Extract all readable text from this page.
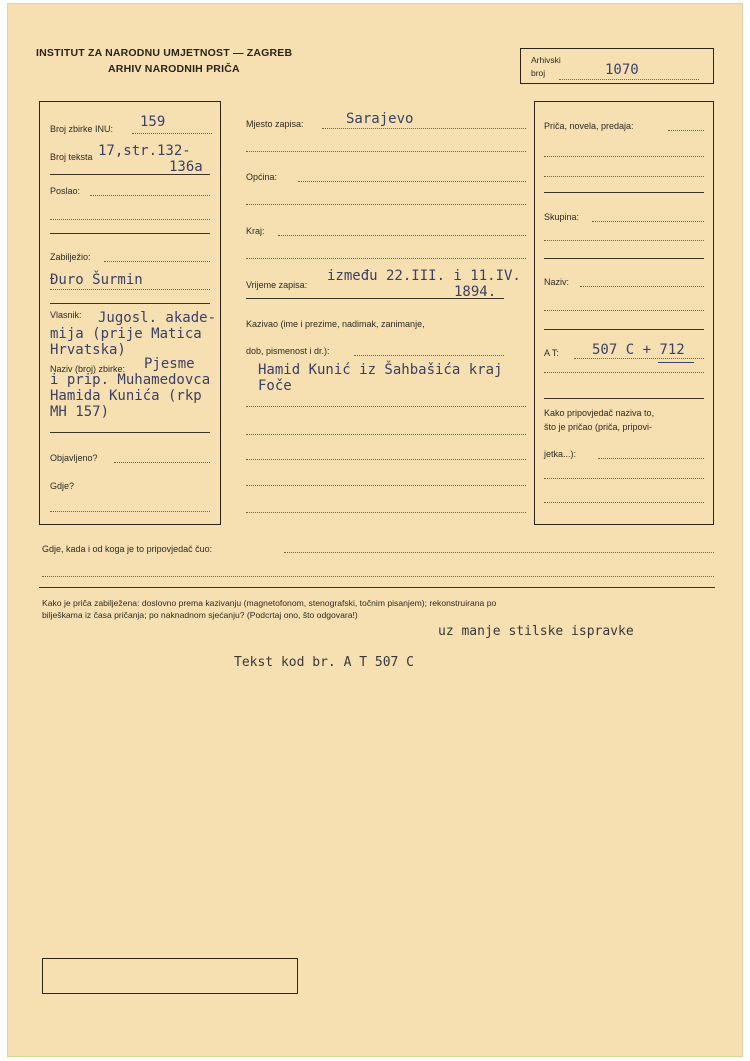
INSTITUT ZA NARODNU UMJETNOST — ZAGREB
ARHIV NARODNIH PRIČA
Arhivski
broj	1070
Broj zbirke INU: 159
Broj teksta 17,str.132-
136a
Poslao:
Zabilježio:
Đuro Šurmin
Vlasnik: Jugosl. akade-
mija (prije Matica
Hrvatska)
Naziv (broj) zbirke: Pjesme
i prip. Muhamedovca
Hamida Kunića (rkp
MH 157)
Objavljeno?
Gdje?
Mjesto zapisa:	Sarajevo
Općina:
Kraj:
Vrijeme zapisa:
između 22.III. i 11.IV.
1894.
Kazivao (ime i prezime, nadimak, zanimanje,
dob, pismenost i dr.):
Hamid Kunić iz Šahbašića kraj
Foče
Priča, novela, predaja:
Skupina:
Naziv:
A T: 507 C + 712
Kako pripovjedač naziva to,
što je pričao (priča, pripovi-
jetka...):
Gdje, kada i od koga je to pripovjedač čuo:
Kako je priča zabilježena: doslovno prema kazivanju (magnetofonom, stenografski, točnim pisanjem); rekonstruirana po
bilješkama iz časa pričanja; po naknadnom sjećanju? (Podcrtaj ono, što odgovara!)
uz manje stilske ispravke
Tekst kod br. A T 507 C
